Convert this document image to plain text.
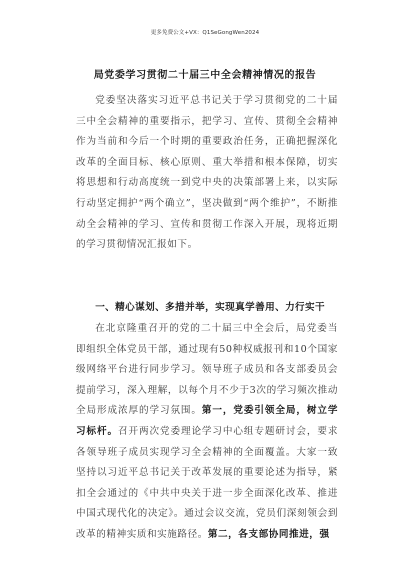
更多免费公文+VX：Q1SeGongWen2024
局党委学习贯彻二十届三中全会精神情况的报告

党委坚决落实习近平总书记关于学习贯彻党的二十届三中全会精神的重要指示，把学习、宣传、贯彻全会精神作为当前和今后一个时期的重要政治任务，正确把握深化改革的全面目标、核心原则、重大举措和根本保障，切实将思想和行动高度统一到党中央的决策部署上来，以实际行动坚定拥护“两个确立”，坚决做到“两个维护”，不断推动全会精神的学习、宣传和贯彻工作深入开展，现将近期的学习贯彻情况汇报如下。

一、精心谋划、多措并举，实现真学善用、力行实干

在北京隆重召开的党的二十届三中全会后，局党委当即组织全体党员干部，通过现有50种权威报刊和10个国家级网络平台进行同步学习。领导班子成员和各支部委员会提前学习，深入理解，以每个月不少于3次的学习频次推动全局形成浓厚的学习氛围。第一，党委引领全局，树立学习标杆。召开两次党委理论学习中心组专题研讨会，要求各领导班子成员实现学习全会精神的全面覆盖。大家一致坚持以习近平总书记关于改革发展的重要论述为指导，紧扣全会通过的《中共中央关于进一步全面深化改革、推进中国式现代化的决定》。通过会议交流，党员们深刻领会到改革的精神实质和实施路径。第二，各支部协同推进，强
